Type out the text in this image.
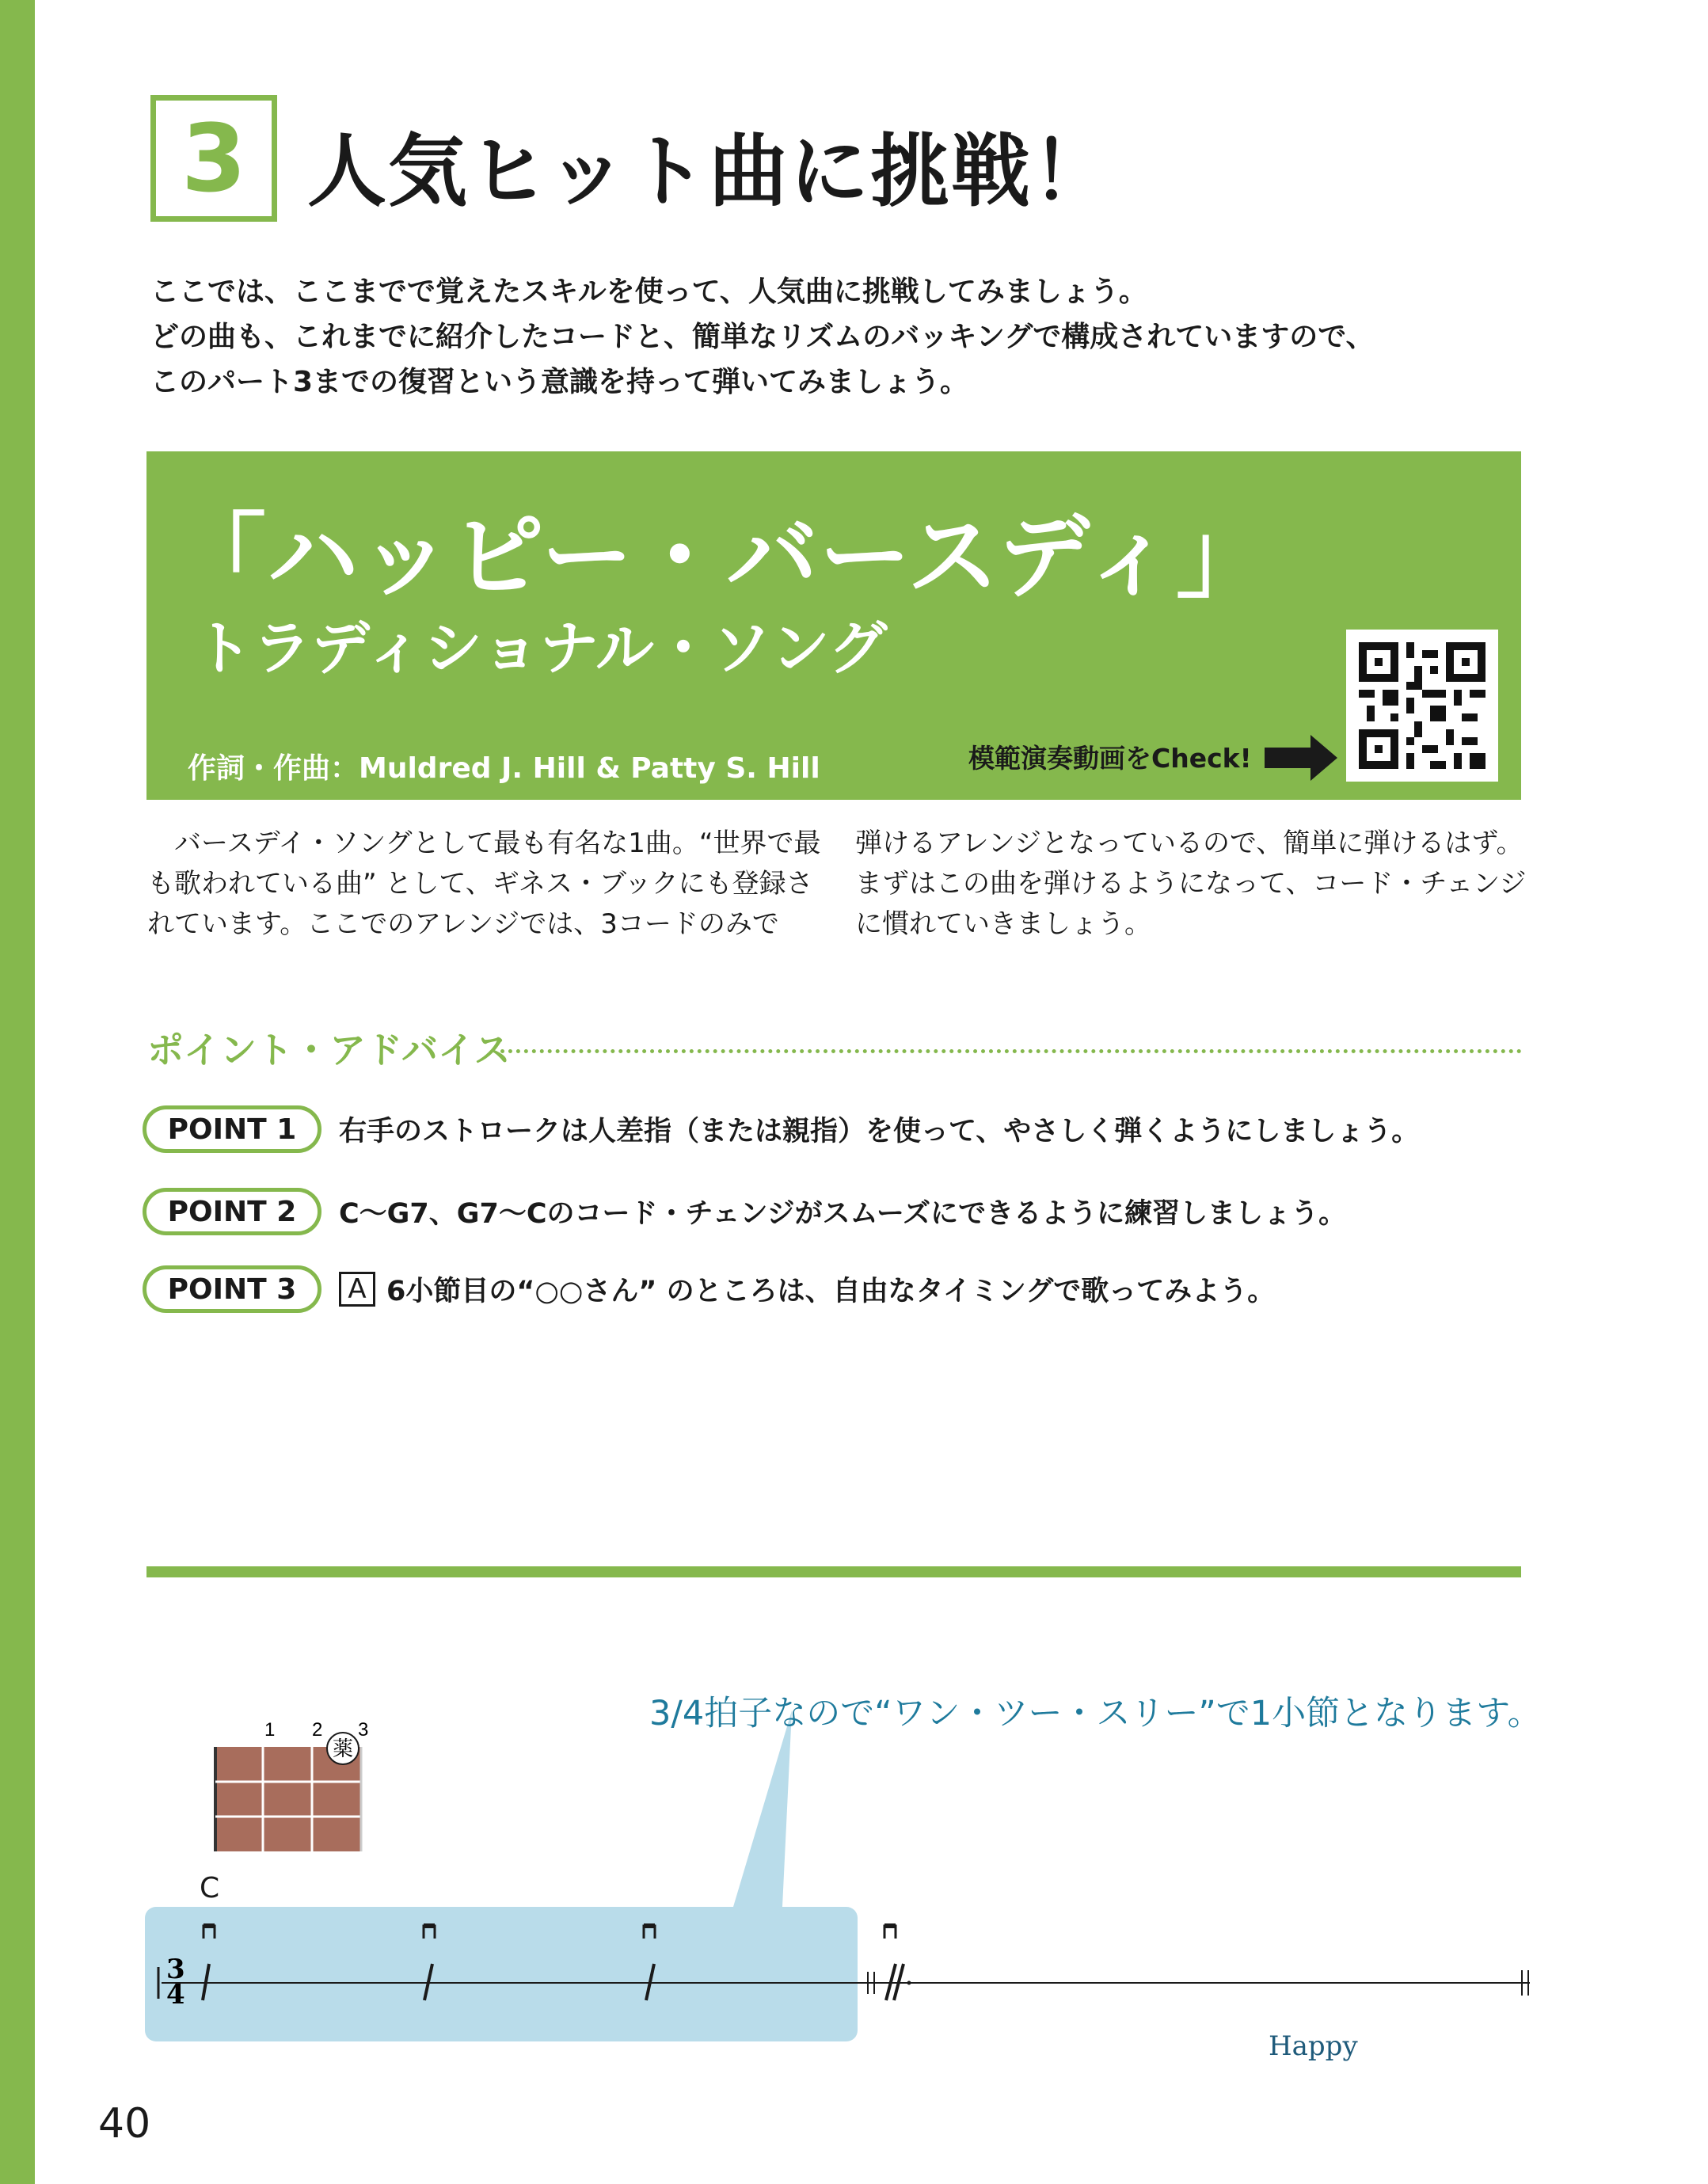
3 人気ヒット曲に挑戦！
ここでは、ここまでで覚えたスキルを使って、人気曲に挑戦してみましょう。
どの曲も、これまでに紹介したコードと、簡単なリズムのバッキングで構成されていますので、
このパート3までの復習という意識を持って弾いてみましょう。
「ハッピー・バースディ」
トラディショナル・ソング
作詞・作曲：Muldred J. Hill & Patty S. Hill	模範演奏動画をCheck!
　バースデイ・ソングとして最も有名な1曲。“世界で最
も歌われている曲” として、ギネス・ブックにも登録さ
れています。ここでのアレンジでは、3コードのみで
弾けるアレンジとなっているので、簡単に弾けるはず。
まずはこの曲を弾けるようになって、コード・チェンジ
に慣れていきましょう。
ポイント・アドバイス
POINT 1	右手のストロークは人差指（または親指）を使って、やさしく弾くようにしましょう。
POINT 2	C～G7、G7～Cのコード・チェンジがスムーズにできるように練習しましょう。
POINT 3	A 6小節目の“○○さん” のところは、自由なタイミングで歌ってみよう。
3/4拍子なので“ワン・ツー・スリー”で1小節となります。
1 2 3
薬
C
3
4
Happy
40
